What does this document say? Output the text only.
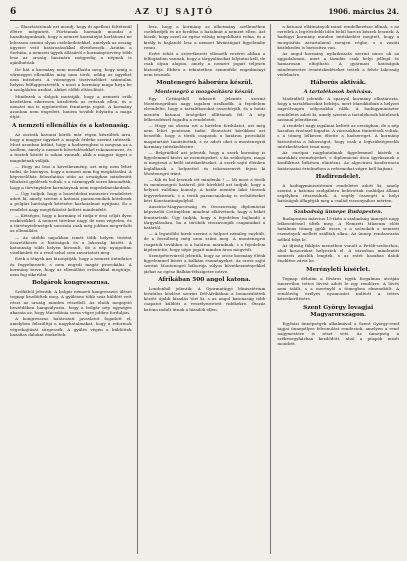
6	AZ UJ SAJTÓ	1906. március 24.

— Illusztrációnak ezt mondj, hogy di apellent föltétenül életre mégintett. Fürteanak harmadi mondai a hazafiságunknak, hogy a nemzet kormányát korlátozni ne lehessen semmi olyan cselekedetekkel, amelyek az ország ügyeire vető határozásokkal élvezhessék. Azután a Serbián, a nemzeti ügyek állásáról e kormánytörvény több lesz az ország hasznára mégpedig a népnek is ajánlhatóak.

De hát a kormány nem mondhatta meg, hogy amíg a vármegyei ellenállás meg nem törik, addig az ügyeket nem intézheti. A vármegyei tisztviselőket számtalan helyen felfüggesztették, s most a kormány maga hívja be a szolgálatra azokat, akiket előbb eltávolított.

Mindezek a dolgok mutatják, hogy a nemzeti erők kezdetben sikeresen küzdöttek az erőszak ellen, és a nemzet ma is egyöntetűen fenntartja jogait. A kormány azonban nem engedett, hanem tovább folytatta a maga útját.

A nemzeti ellenállás és a katonaság.

Az osztrák katonai körök már régen készültek arra, hogy a magyar ügyeket a maguk érdeke szerint intézzék. Most azonban kitűnt, hogy a hadseregben is megvan az a szellem, amely a nemzeti követelésekkel rokonszenvez, és a tisztek között is sokan vannak, akik a magyar ügyet a magukénak vallják.

— Hogy mi lesz a következmény, azt még nem lehet tudni, de bizonyos, hogy a nemzet nem fog meghátrálni. A képviselőház feloszlatása után az országban mindenütt tiltakozó gyűlések voltak, s a vármegyék sorra kimondták, hogy a törvénytelen kormánynak nem engedelmeskednek.

— Úgy tudjuk, hogy a honvédelmi miniszter rendeletet adott ki, amely szerint a katonai parancsnokok kötelesek a polgári hatóságok kérésére karhatalmat nyújtani. Ez a rendelet nagy megütközést keltett mindenfelé.

— Kétséges, hogy a kormány el tudja-e érni célját ilyen eszközökkel. A nemzet türelme nagy, de nem végtelen, és a törvénytelenségek sorozata csak még jobban megerősíti az ellenállást.

— Az utóbbi napokban ismét több helyen történt összeütközés a hatóságok és a lakosság között. A katonaság több helyen kivonult, de a nép nyugodtan viselkedett és a rend sehol sem zavartatott meg.

Ezek a tények azt bizonyítják, hogy a nemzet öntudatos és fegyelmezett, s nem engedi magát provokálni. A kormány terve, hogy az ellenállást erőszakkal megtörje, nem fog sikerülni.

Bolgárok kongresszusa.

Szófiából jelentik: A bolgár nemzeti kongresszus ülései tegnap kezdődtek meg. A gyűlésen több száz küldött vett részt az ország minden részéből. Az elnök megnyitó beszédében hangsúlyozta, hogy a bolgár nép egységes akarata az, hogy Macedónia sorsa végre jobbra forduljon.

A kongresszus határozati javaslatot fogadott el, amelyben felszólítja a nagyhatalmakat, hogy a reformok végrehajtását sürgessék. A gyűlés végén a küldöttek hazafias dalokat énekeltek.

lesz, hogy a kormány az alkotmány szellemében cselekedjék és ne fordítsa a hatalmát a nemzet ellen. Azt hiszik, hogy ezzel az egész válság megoldható volna, és a király is hajlandó lesz a nemzet kívánságait figyelembe venni.

Ezért tehát a szövetkezett ellenzék vezérei abban a felfogásban vannak, hogy a tárgyalásokat folytatni kell, de csak olyan alapon, amely a nemzet jogait teljesen biztosítja. Ebben a tekintetben semmiféle engedményt nem tesznek.

Montenegró háborúra készül.
Montenegró a mozgósításra készül.

Egy Cettinjéből érkezett jelentés szerint Montenegróban nagy izgalom uralkodik. A fejedelem elrendelte, hogy a tartalékosokat összehívják, és a határ mentén katonai őrségeket állítsanak fel. A nép lelkesedéssel fogadta a rendeletet.

— Hogy mi okozta ezt a hirtelen fordulatot, azt még nem lehet pontosan tudni. Beavatott körökben azt beszélik, hogy a török csapatok a határon provokáló magatartást tanúsítottak, s ez adott okot a montenegrói kormány intézkedéseire.

— Belgrádból azt jelentik, hogy a szerb kormány is figyelemmel kíséri az eseményeket, s ha szükséges, maga is megteszi a kellő intézkedéseket. A szerb sajtó élénken foglalkozik a helyzettel és rokonszenvét fejezi ki Montenegró iránt.

— Kik és hol lesznek ott mindenki ? — Mi most a török és montenegrói határról jött hírekből azt tudjuk, hogy a helyzet valóban komoly. A határ mentén lakó törzsek fegyverkeznek, s a török parancsnokság is erősítéseket kért Konstantinápolyból.

Ausztria-Magyarország és Oroszország diplomáciai képviselői Cettinjében mindent elkövetnek, hogy a békét fenntartsák. Úgy tudják, hogy a fejedelem hajlandó a tárgyalásokra, ha a törökök visszavonják csapataikat a határtól.

— A legutóbbi hírek szerint a helyzet némileg enyhült, de a feszültség még nem szűnt meg. A montenegrói csapatok továbbra is a határon maradnak, s a fejedelem kijelentette, hogy népe jogait minden áron megvédi.

Szentpétervárról jelentik, hogy az orosz kormány élénk figyelemmel kíséri a balkáni eseményeket. Az orosz sajtó szerint Montenegró háborúja súlyos következményekkel járhat az egész Balkán-félszigetre nézve.

Afrikában 500 angol katona.

Londonból jelentik: A Gyarmatügyi Minisztérium hivatalos közlése szerint Dél-Afrikában a bennszülöttek között újabb lázadás tört ki, s az angol katonaság több csapatot küldött a veszélyeztetett vidékekre. Ötszáz katona indult útnak a lázadók ellen.

a katonai ellátmányok mind rendelkezésre állnak, s az ezredek a legrövidebb időn belül harcra készek lesznek. A hadügyi kormány minden intézkedést megtett, hogy a mozgósítás zavartalanul menjen végbe, s a vasúti közlekedés is biztosítva van.

Az angol kormány nyilatkozata szerint nincs ok az aggodalomra, mert a lázadás csak helyi jellegű és hamarosan elfojtható. A gyarmati hatóságok mindenesetre óvintézkedéseket tettek a fehér lakosság védelmére.

Háborús aktivák.
A tartalékosok behívása.

Madridból jelentik: A spanyol kormány elhatározta, hogy a tartalékosokat behívja, mert Marokkóban a helyzet napról-napra súlyosabbá válik. A hadügyminiszter rendeletet adott ki, amely szerint a tartalékosok kötelesek azonnal jelentkezni.

A rendelet nagy izgalmat keltett az országban, de a nép hazafias érzéssel fogadta. A városokban tüntetések voltak, s a tömeg lelkesen éltette a hadsereget. A kormány biztosította a lakosságot, hogy csak a legszükségesebb intézkedéseket teszi meg.

Az európai nagyhatalmak figyelemmel kísérik a marokkói eseményeket, s diplomáciai úton igyekeznek a konfliktust békésen elintézni. Az algecirasi konferencia határozatai értelmében a reformokat végre kell hajtani.

Hadirendelet.

A hadügyminisztérium rendeletet adott ki, amely szerint a katonai szolgálatra behívottak családjai állami segélyben részesülnek. A segély összegét a helyi hatóságok állapítják meg a család viszonyaihoz mérten.

Szabadság ünnepe Budapesten.

Budapesten március 15-ikén a szabadság ünnepét nagy lelkesedéssel ülték meg. A Nemzeti Múzeum előtt hatalmas tömeg gyűlt össze, s a szónokok a nemzeti eszmények mellett szálltak síkra. Az ünnep rendzavarás nélkül folyt le.

Az ifjúság fáklyás menetben vonult a Petőfi-szoborhoz, ahol koszorúkat helyeztek el. A városban mindenütt nemzeti zászlók lengtek, s az estét hazafias dalok éneklése zárta be.

Merényleti kísérlet.

Tegnap délután a főváros egyik forgalmas utcáján ismeretlen tettes lövést adott le egy rendőrre. A lövés nem talált, s a merénylő a tömegben elmenekült. A rendőrség erélyes nyomozást indított a tettes kézrekerítésére.

Szent György lovagjai Magyarországon.

Egyházi ünnepségek alkalmával a Szent György-rend tagjai ünnepélyes felvonulást rendeztek, amelyen a rend nagymestere is részt vett. Az ünnepség a székesegyházban kezdődött, ahol a püspök misét mondott.
